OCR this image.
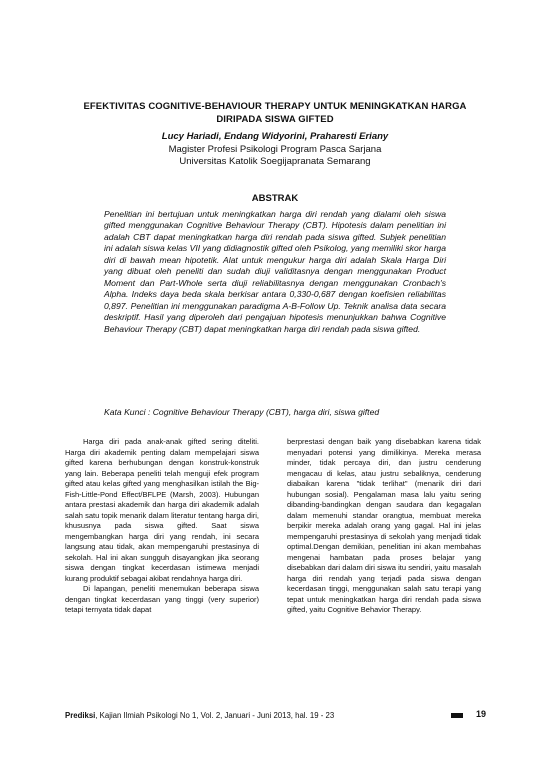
EFEKTIVITAS COGNITIVE-BEHAVIOUR THERAPY UNTUK MENINGKATKAN HARGA
DIRIPADA SISWA GIFTED
Lucy Hariadi, Endang Widyorini, Praharesti Eriany
Magister Profesi Psikologi Program Pasca Sarjana
Universitas Katolik Soegijapranata Semarang
ABSTRAK
Penelitian ini bertujuan untuk meningkatkan harga diri rendah yang dialami oleh siswa gifted menggunakan Cognitive Behaviour Therapy (CBT). Hipotesis dalam penelitian ini adalah CBT dapat meningkatkan harga diri rendah pada siswa gifted. Subjek penelitian ini adalah siswa kelas VII yang didiagnostik gifted oleh Psikolog, yang memiliki skor harga diri di bawah mean hipotetik. Alat untuk mengukur harga diri adalah Skala Harga Diri yang dibuat oleh peneliti dan sudah diuji validitasnya dengan menggunakan Product Moment dan Part-Whole serta diuji reliabilitasnya dengan menggunakan Cronbach's Alpha. Indeks daya beda skala berkisar antara 0,330-0,687 dengan koefisien reliabilitas 0,897. Penelitian ini menggunakan paradigma A-B-Follow Up. Teknik analisa data secara deskriptif. Hasil yang diperoleh dari pengajuan hipotesis menunjukkan bahwa Cognitive Behaviour Therapy (CBT) dapat meningkatkan harga diri rendah pada siswa gifted.
Kata Kunci : Cognitive Behaviour Therapy (CBT), harga diri, siswa gifted

Harga diri pada anak-anak gifted sering diteliti. Harga diri akademik penting dalam mempelajari siswa gifted karena berhubungan dengan konstruk-konstruk yang lain. Beberapa peneliti telah menguji efek program gifted atau kelas gifted yang menghasilkan istilah the Big-Fish-Little-Pond Effect/BFLPE (Marsh, 2003). Hubungan antara prestasi akademik dan harga diri akademik adalah salah satu topik menarik dalam literatur tentang harga diri, khususnya pada siswa gifted. Saat siswa mengembangkan harga diri yang rendah, ini secara langsung atau tidak, akan mempengaruhi prestasinya di sekolah. Hal ini akan sungguh disayangkan jika seorang siswa dengan tingkat kecerdasan istimewa menjadi kurang produktif sebagai akibat rendahnya harga diri.

Di lapangan, peneliti menemukan beberapa siswa dengan tingkat kecerdasan yang tinggi (very superior) tetapi ternyata tidak dapat

berprestasi dengan baik yang disebabkan karena tidak menyadari potensi yang dimilikinya. Mereka merasa minder, tidak percaya diri, dan justru cenderung mengacau di kelas, atau justru sebaliknya, cenderung diabaikan karena "tidak terlihat" (menarik diri dari hubungan sosial). Pengalaman masa lalu yaitu sering dibanding-bandingkan dengan saudara dan kegagalan dalam memenuhi standar orangtua, membuat mereka berpikir mereka adalah orang yang gagal. Hal ini jelas mempengaruhi prestasinya di sekolah yang menjadi tidak optimal.Dengan demikian, penelitian ini akan membahas mengenai hambatan pada proses belajar yang disebabkan dari dalam diri siswa itu sendiri, yaitu masalah harga diri rendah yang terjadi pada siswa dengan kecerdasan tinggi, menggunakan salah satu terapi yang tepat untuk meningkatkan harga diri rendah pada siswa gifted, yaitu Cognitive Behavior Therapy.

Prediksi, Kajian Ilmiah Psikologi No 1, Vol. 2, Januari - Juni 2013, hal. 19 - 23	19
